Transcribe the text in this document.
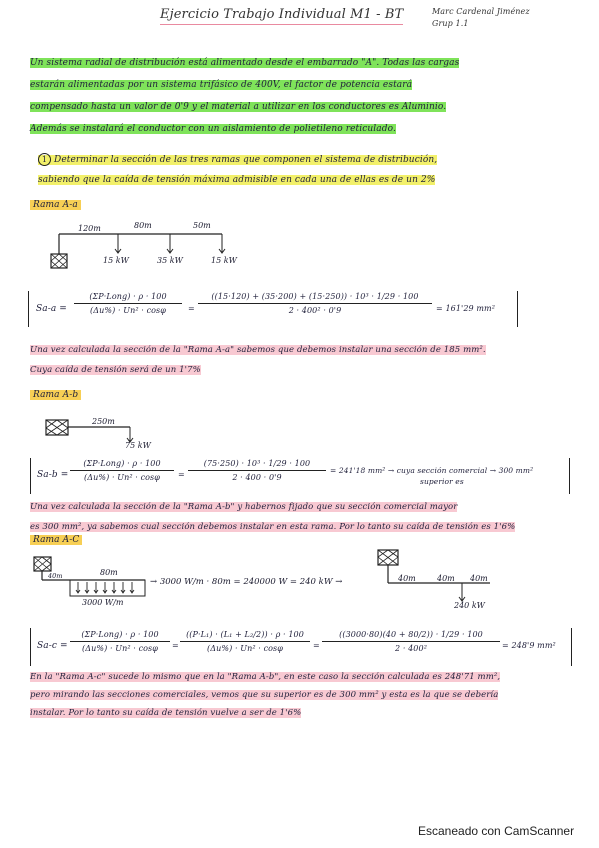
Ejercicio Trabajo Individual M1 - BT	Marc Cardenal Jiménez
Grup 1.1
Un sistema radial de distribución está alimentado desde el embarrado "A". Todas las cargas
estarán alimentadas por un sistema trifásico de 400V, el factor de potencia estará
compensado hasta un valor de 0'9 y el material a utilizar en los conductores es Aluminio.
Además se instalará el conductor con un aislamiento de polietileno reticulado.
1 Determinar la sección de las tres ramas que componen el sistema de distribución,
sabiendo que la caída de tensión máxima admisible en cada una de ellas es de un 2%
Rama A-a
120m	80m	50m
15 kW	35 kW	15 kW
Sa-a =
(ΣP·Long) · ρ · 100
(Δu%) · Un² · cosφ	= $\frac{\text{((15·120) + (35·200) + (15·250)) · 10³ · 1/29 · 100}}{\text{2 · 400² · 0'9}} = 161'29$ mm²
Una vez calculada la sección de la "Rama A-a" sabemos que debemos instalar una sección de 185 mm².
Cuya caída de tensión será de un 1'7%
Rama A-b
250m
75 kW
Sa-b =
(ΣP·Long) · ρ · 100
(Δu%) · Un² · cosφ	= $\frac{\text{(75·250) · 10³ · 1/29 · 100}}{2 \cdot 400 \cdot 0'9} = 241'18$ mm² → cuya sección comercial → 300 mm²
superior es
Una vez calculada la sección de la "Rama A-b" y habernos fijado que su sección comercial mayor
es 300 mm², ya sabemos cual sección debemos instalar en esta rama. Por lo tanto su caída de tensión es 1'6%
Rama A-C
80m
40m
3000 W/m
→ 3000 W/m · 80m = 240000 W = 240 kW →	40m	40m 40m
240 kW
Sa-c =
(ΣP·Long) · ρ · 100
(Δu%) · Un² · cosφ	= $\frac{\text{((P·L₁) · (L₁ + L₂/2)) · ρ · 100}}{\text{(Δu\%) · Un² · cosφ}} = \frac{((3000\cdot 80)(40 + 80/2)) \cdot 1/29 \cdot 100}{\text{2 · 400²}} = 248'9$ mm²
En la "Rama A-c" sucede lo mismo que en la "Rama A-b", en este caso la sección calculada es 248'71 mm²,
pero mirando las secciones comerciales, vemos que su superior es de 300 mm² y esta es la que se debería
instalar. Por lo tanto su caída de tensión vuelve a ser de 1'6%
Escaneado con CamScanner
